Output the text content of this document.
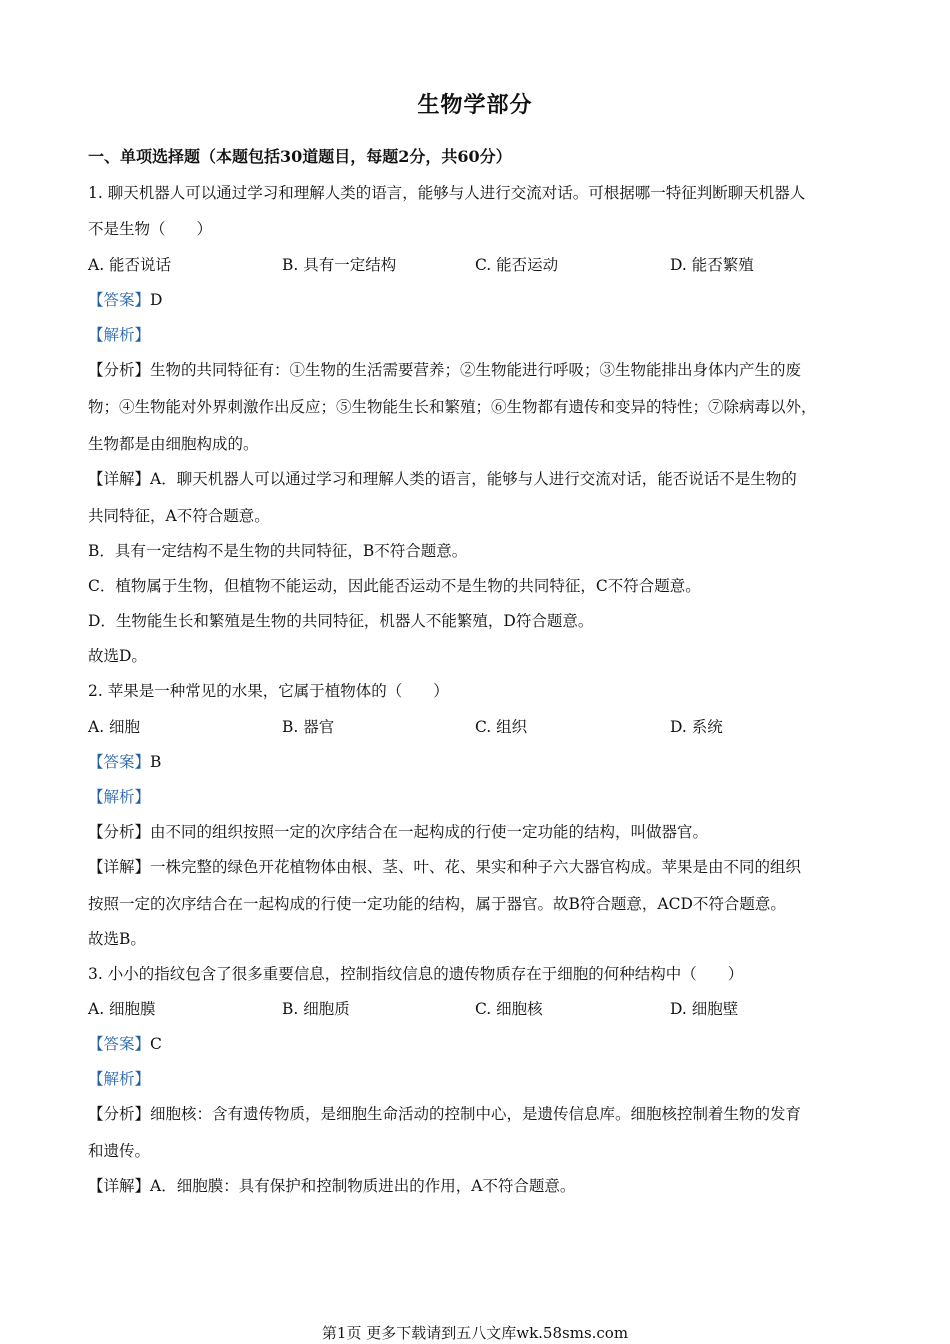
生物学部分
一、单项选择题（本题包括30道题目，每题2分，共60分）
1. 聊天机器人可以通过学习和理解人类的语言，能够与人进行交流对话。可根据哪一特征判断聊天机器人
不是生物（　　）
A. 能否说话	B. 具有一定结构	C. 能否运动	D. 能否繁殖
【答案】D
【解析】
【分析】生物的共同特征有：①生物的生活需要营养；②生物能进行呼吸；③生物能排出身体内产生的废
物；④生物能对外界刺激作出反应；⑤生物能生长和繁殖；⑥生物都有遗传和变异的特性；⑦除病毒以外，
生物都是由细胞构成的。
【详解】A．聊天机器人可以通过学习和理解人类的语言，能够与人进行交流对话，能否说话不是生物的
共同特征，A不符合题意。
B．具有一定结构不是生物的共同特征，B不符合题意。
C．植物属于生物，但植物不能运动，因此能否运动不是生物的共同特征，C不符合题意。
D．生物能生长和繁殖是生物的共同特征，机器人不能繁殖，D符合题意。
故选D。
2. 苹果是一种常见的水果，它属于植物体的（　　）
A. 细胞	B. 器官	C. 组织	D. 系统
【答案】B
【解析】
【分析】由不同的组织按照一定的次序结合在一起构成的行使一定功能的结构，叫做器官。
【详解】一株完整的绿色开花植物体由根、茎、叶、花、果实和种子六大器官构成。苹果是由不同的组织
按照一定的次序结合在一起构成的行使一定功能的结构，属于器官。故B符合题意，ACD不符合题意。
故选B。
3. 小小的指纹包含了很多重要信息，控制指纹信息的遗传物质存在于细胞的何种结构中（　　）
A. 细胞膜	B. 细胞质	C. 细胞核	D. 细胞壁
【答案】C
【解析】
【分析】细胞核：含有遗传物质，是细胞生命活动的控制中心，是遗传信息库。细胞核控制着生物的发育
和遗传。
【详解】A．细胞膜：具有保护和控制物质进出的作用，A不符合题意。
第1页 更多下载请到五八文库wk.58sms.com
